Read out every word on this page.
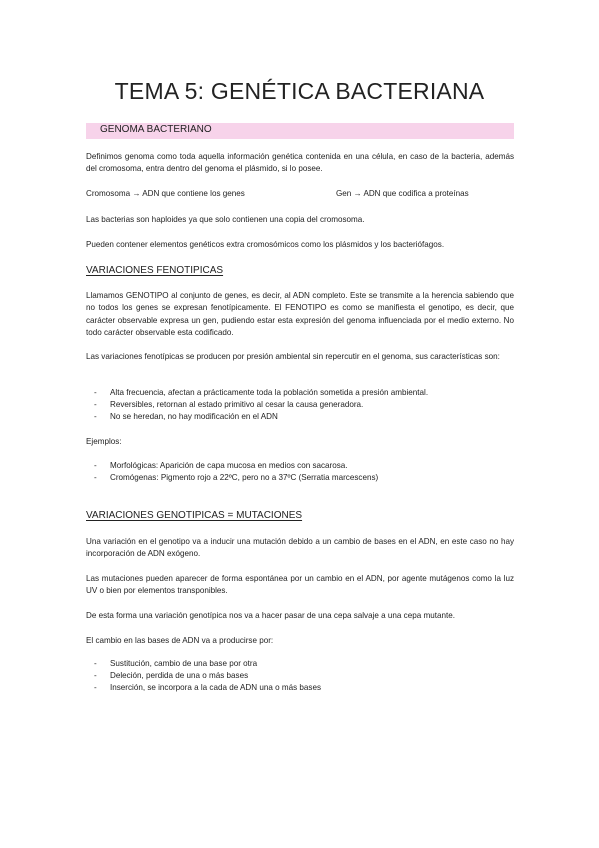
TEMA 5: GENÉTICA BACTERIANA
GENOMA BACTERIANO
Definimos genoma como toda aquella información genética contenida en una célula, en caso de la bacteria, además del cromosoma, entra dentro del genoma el plásmido, si lo posee.
Cromosoma → ADN que contiene los genes	Gen → ADN que codifica a proteínas
Las bacterias son haploides ya que solo contienen una copia del cromosoma.
Pueden contener elementos genéticos extra cromosómicos como los plásmidos y los bacteriófagos.
VARIACIONES FENOTIPICAS
Llamamos GENOTIPO al conjunto de genes, es decir, al ADN completo. Este se transmite a la herencia sabiendo que no todos los genes se expresan fenotípicamente. El FENOTIPO es como se manifiesta el genotipo, es decir, que carácter observable expresa un gen, pudiendo estar esta expresión del genoma influenciada por el medio externo. No todo carácter observable esta codificado.
Las variaciones fenotípicas se producen por presión ambiental sin repercutir en el genoma, sus características son:
- Alta frecuencia, afectan a prácticamente toda la población sometida a presión ambiental.
- Reversibles, retornan al estado primitivo al cesar la causa generadora.
- No se heredan, no hay modificación en el ADN
Ejemplos:
- Morfológicas: Aparición de capa mucosa en medios con sacarosa.
- Cromógenas: Pigmento rojo a 22ºC, pero no a 37ºC (Serratia marcescens)
VARIACIONES GENOTIPICAS = MUTACIONES
Una variación en el genotipo va a inducir una mutación debido a un cambio de bases en el ADN, en este caso no hay incorporación de ADN exógeno.
Las mutaciones pueden aparecer de forma espontánea por un cambio en el ADN, por agente mutágenos como la luz UV o bien por elementos transponibles.
De esta forma una variación genotípica nos va a hacer pasar de una cepa salvaje a una cepa mutante.
El cambio en las bases de ADN va a producirse por:
- Sustitución, cambio de una base por otra
- Deleción, perdida de una o más bases
- Inserción, se incorpora a la cada de ADN una o más bases
